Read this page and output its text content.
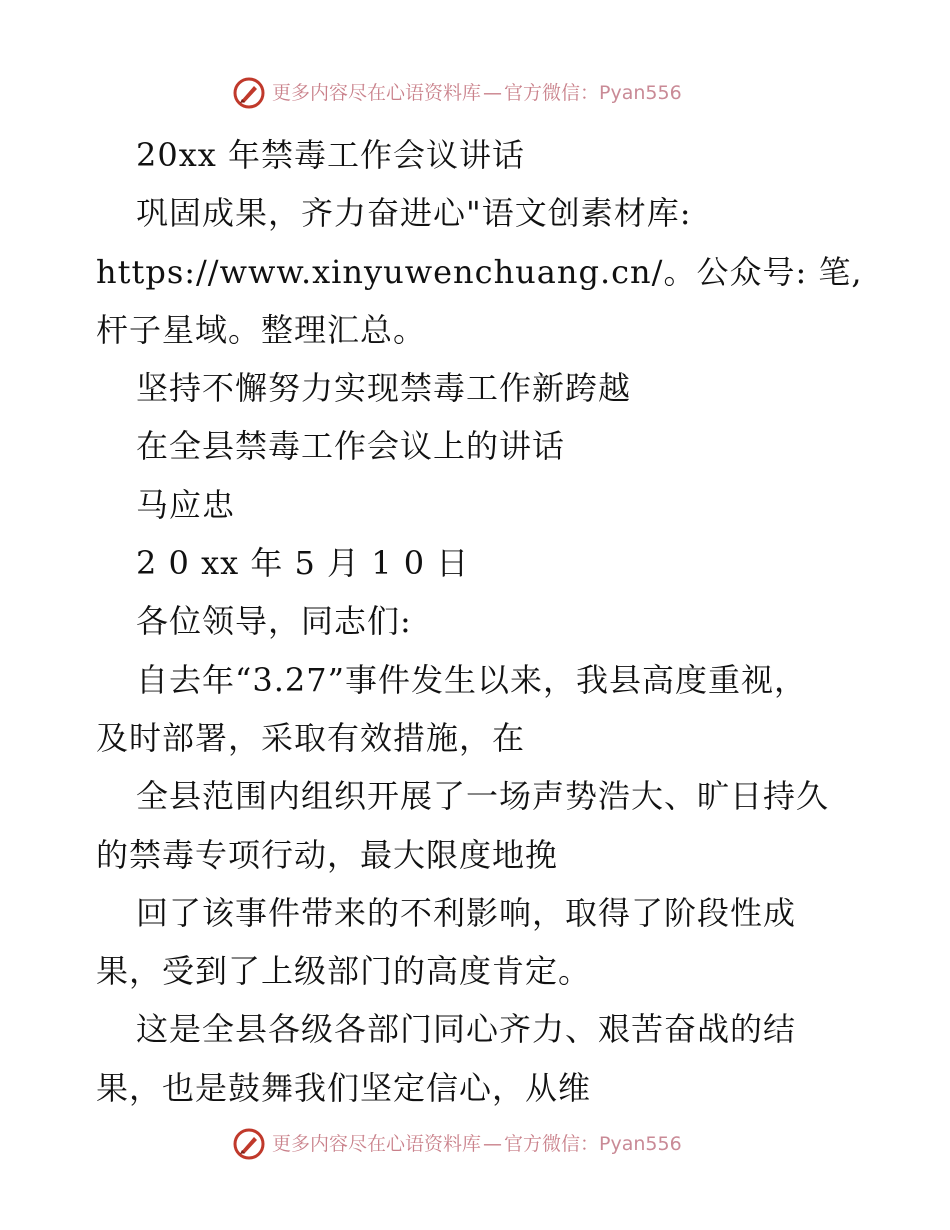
更多内容尽在心语资料库 — 官方微信： Pyan556
20xx 年禁毒工作会议讲话
巩固成果，齐力奋进心"语文创素材库:
https://www.xinyuwenchuang.cn/。公众号: 笔,
杆子星域。整理汇总。
坚持不懈努力实现禁毒工作新跨越
在全县禁毒工作会议上的讲话
马应忠
2 0 xx 年 5 月 1 0 日
各位领导，同志们:
自去年“3.27”事件发生以来，我县高度重视，
及时部署，采取有效措施，在
全县范围内组织开展了一场声势浩大、旷日持久
的禁毒专项行动，最大限度地挽
回了该事件带来的不利影响，取得了阶段性成
果，受到了上级部门的高度肯定。
这是全县各级各部门同心齐力、艰苦奋战的结
果，也是鼓舞我们坚定信心，从维
更多内容尽在心语资料库 — 官方微信： Pyan556
